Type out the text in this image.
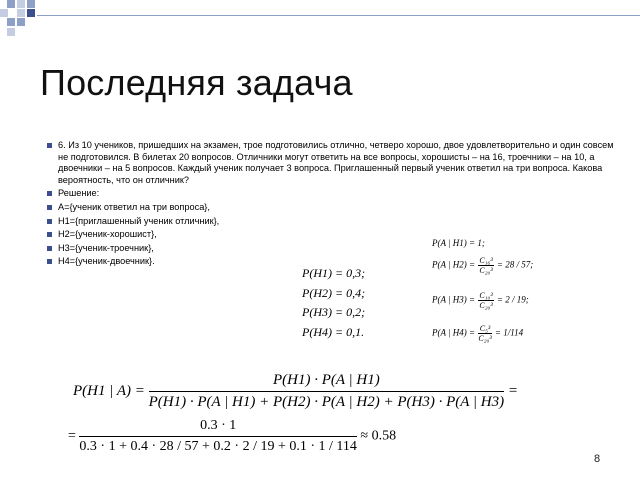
Последняя задача
6. Из 10 учеников, пришедших на экзамен, трое подготовились отлично, четверо хорошо, двое удовлетворительно и один совсем не подготовился. В билетах 20 вопросов. Отличники могут ответить на все вопросы, хорошисты – на 16, троечники – на 10, а двоечники – на 5 вопросов. Каждый ученик получает 3 вопроса. Приглашенный первый ученик ответил на три вопроса. Какова вероятность, что он отличник?
Решение:
A={ученик ответил на три вопроса},
H1={приглашенный ученик отличник},
H2={ученик-хорошист},
H3={ученик-троечник},
H4={ученик-двоечник}.
P(H1) = 0,3;
P(H2) = 0,4;
P(H3) = 0,2;
P(H4) = 0,1.
P(A | H1) = 1;
P(A | $H2) = \frac{\text{C₁₆³}}{\text{C₂₀³}} = 28 / 57$;
P(A | $H3) = \frac{\text{C₁₀³}}{\text{C₂₀³}} = 2 / 19$;
P(A | $H4) = \frac{\text{C₅³}}{\text{C₂₀³}} = 1/114$
P(H1 | $A) = \frac{P(H1) \cdot P(A | H1)}{P(H1) \cdot P(A | H1) + P(H2) \cdot P(A | H2) + P(H3) \cdot P(A | H3)}$ =
= $\frac{0.3 \cdot 1}{0.3 \cdot 1 + 0.4 \cdot 28 / 57 + 0.2 \cdot 2 / 19 + 0.1 \cdot 1 / 114} \approx 0.58$
8
